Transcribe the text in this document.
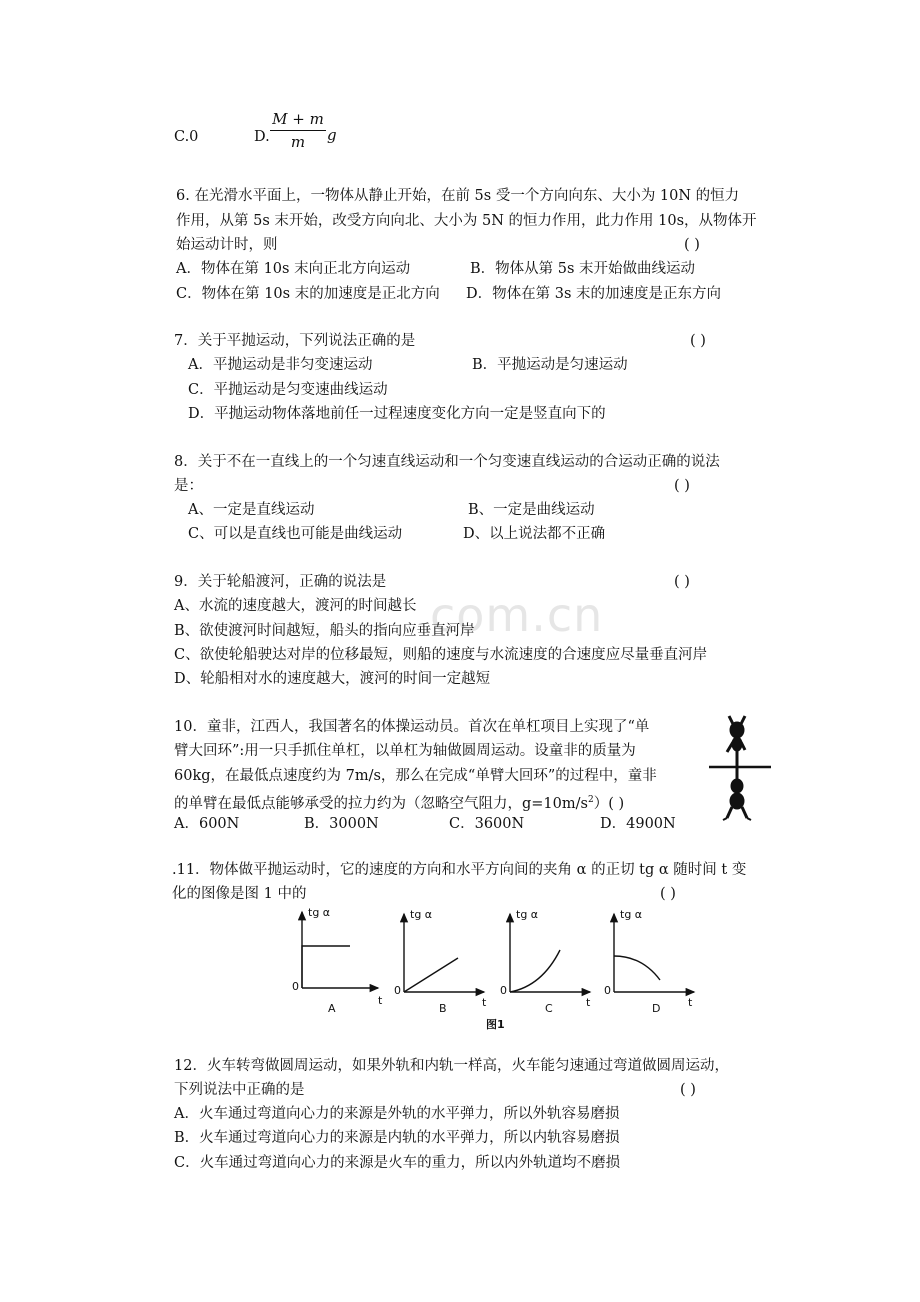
com.cn
C.0	D. $\frac{M + m}{m}$ g
6. 在光滑水平面上，一物体从静止开始，在前 5s 受一个方向向东、大小为 10N 的恒力
作用，从第 5s 末开始，改受方向向北、大小为 5N 的恒力作用，此力作用 10s，从物体开
始运动计时，则	( )
A．物体在第 10s 末向正北方向运动	B．物体从第 5s 末开始做曲线运动
C．物体在第 10s 末的加速度是正北方向 D．物体在第 3s 末的加速度是正东方向
7．关于平抛运动，下列说法正确的是	( )
A．平抛运动是非匀变速运动	B．平抛运动是匀速运动
C．平抛运动是匀变速曲线运动
D．平抛运动物体落地前任一过程速度变化方向一定是竖直向下的
8．关于不在一直线上的一个匀速直线运动和一个匀变速直线运动的合运动正确的说法
是：	( )
A、一定是直线运动	B、一定是曲线运动
C、可以是直线也可能是曲线运动	D、以上说法都不正确
9．关于轮船渡河，正确的说法是	( )
A、水流的速度越大，渡河的时间越长
B、欲使渡河时间越短，船头的指向应垂直河岸
C、欲使轮船驶达对岸的位移最短，则船的速度与水流速度的合速度应尽量垂直河岸
D、轮船相对水的速度越大，渡河的时间一定越短
10．童非，江西人，我国著名的体操运动员。首次在单杠项目上实现了“单
臂大回环”:用一只手抓住单杠，以单杠为轴做圆周运动。设童非的质量为
60kg，在最低点速度约为 7m/s，那么在完成“单臂大回环”的过程中，童非
的单臂在最低点能够承受的拉力约为（忽略空气阻力，$g=10m/s^2$）( )
A．600N	B．3000N	C．3600N	D．4900N
.11．物体做平抛运动时，它的速度的方向和水平方向间的夹角 α 的正切 tg α 随时间 t 变
化的图像是图 1 中的	( )
tg α
0
t
A
tg α
0
t
B
tg α
0
t
C
tg α
0
t
D
图1
12．火车转弯做圆周运动，如果外轨和内轨一样高，火车能匀速通过弯道做圆周运动，
下列说法中正确的是	( )
A．火车通过弯道向心力的来源是外轨的水平弹力，所以外轨容易磨损
B．火车通过弯道向心力的来源是内轨的水平弹力，所以内轨容易磨损
C．火车通过弯道向心力的来源是火车的重力，所以内外轨道均不磨损
